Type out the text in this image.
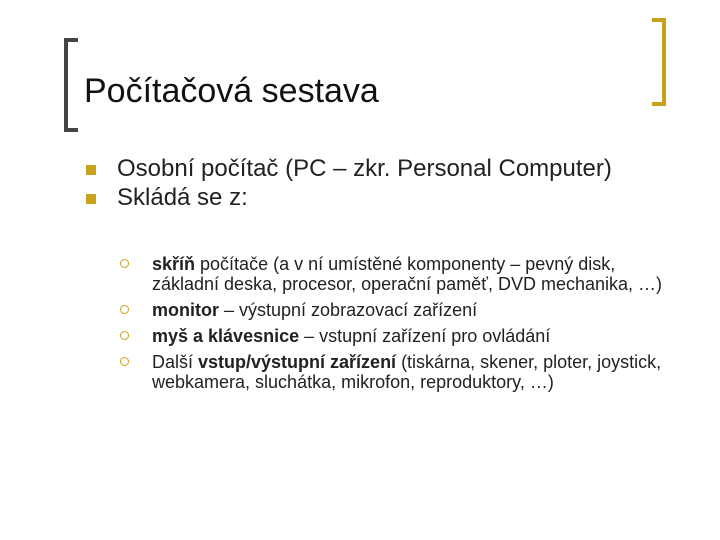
Počítačová sestava
Osobní počítač (PC – zkr. Personal Computer)
Skládá se z:
skříň počítače (a v ní umístěné komponenty – pevný disk, základní deska, procesor, operační paměť, DVD mechanika, …)
monitor – výstupní zobrazovací zařízení
myš a klávesnice – vstupní zařízení pro ovládání
Další vstup/výstupní zařízení (tiskárna, skener, ploter, joystick, webkamera, sluchátka, mikrofon, reproduktory, …)
